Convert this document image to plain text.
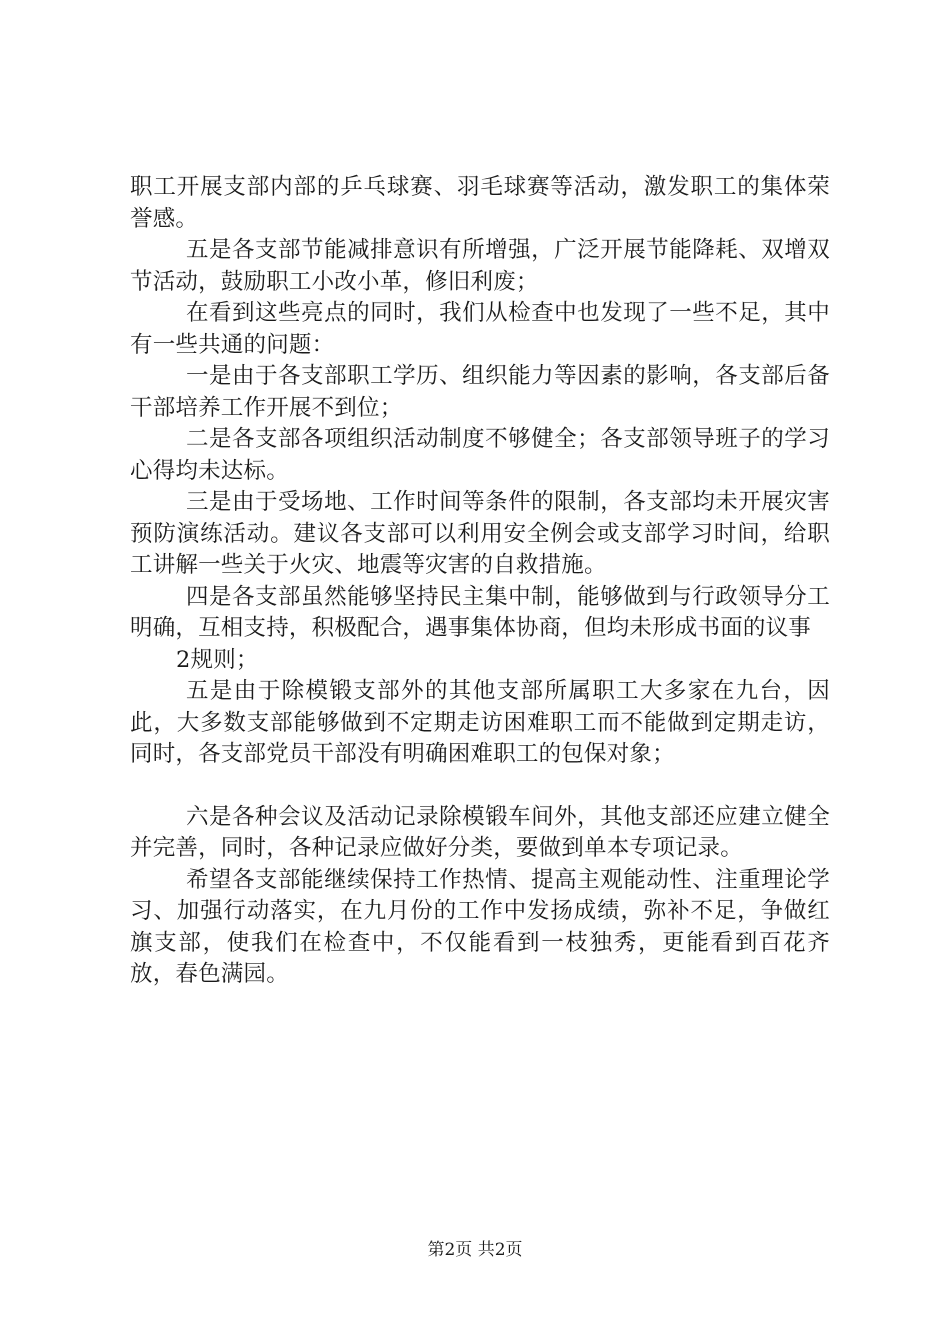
职工开展支部内部的乒乓球赛、羽毛球赛等活动，激发职工的集体荣誉感。

五是各支部节能减排意识有所增强，广泛开展节能降耗、双增双节活动，鼓励职工小改小革，修旧利废；

在看到这些亮点的同时，我们从检查中也发现了一些不足，其中有一些共通的问题：

一是由于各支部职工学历、组织能力等因素的影响，各支部后备干部培养工作开展不到位；

二是各支部各项组织活动制度不够健全；各支部领导班子的学习心得均未达标。

三是由于受场地、工作时间等条件的限制，各支部均未开展灾害预防演练活动。建议各支部可以利用安全例会或支部学习时间，给职工讲解一些关于火灾、地震等灾害的自救措施。

四是各支部虽然能够坚持民主集中制，能够做到与行政领导分工明确，互相支持，积极配合，遇事集体协商，但均未形成书面的议事

2规则；

五是由于除模锻支部外的其他支部所属职工大多家在九台，因此，大多数支部能够做到不定期走访困难职工而不能做到定期走访，同时，各支部党员干部没有明确困难职工的包保对象；

六是各种会议及活动记录除模锻车间外，其他支部还应建立健全并完善，同时，各种记录应做好分类，要做到单本专项记录。

希望各支部能继续保持工作热情、提高主观能动性、注重理论学习、加强行动落实，在九月份的工作中发扬成绩，弥补不足，争做红旗支部，使我们在检查中，不仅能看到一枝独秀，更能看到百花齐放，春色满园。

第2页 共2页
